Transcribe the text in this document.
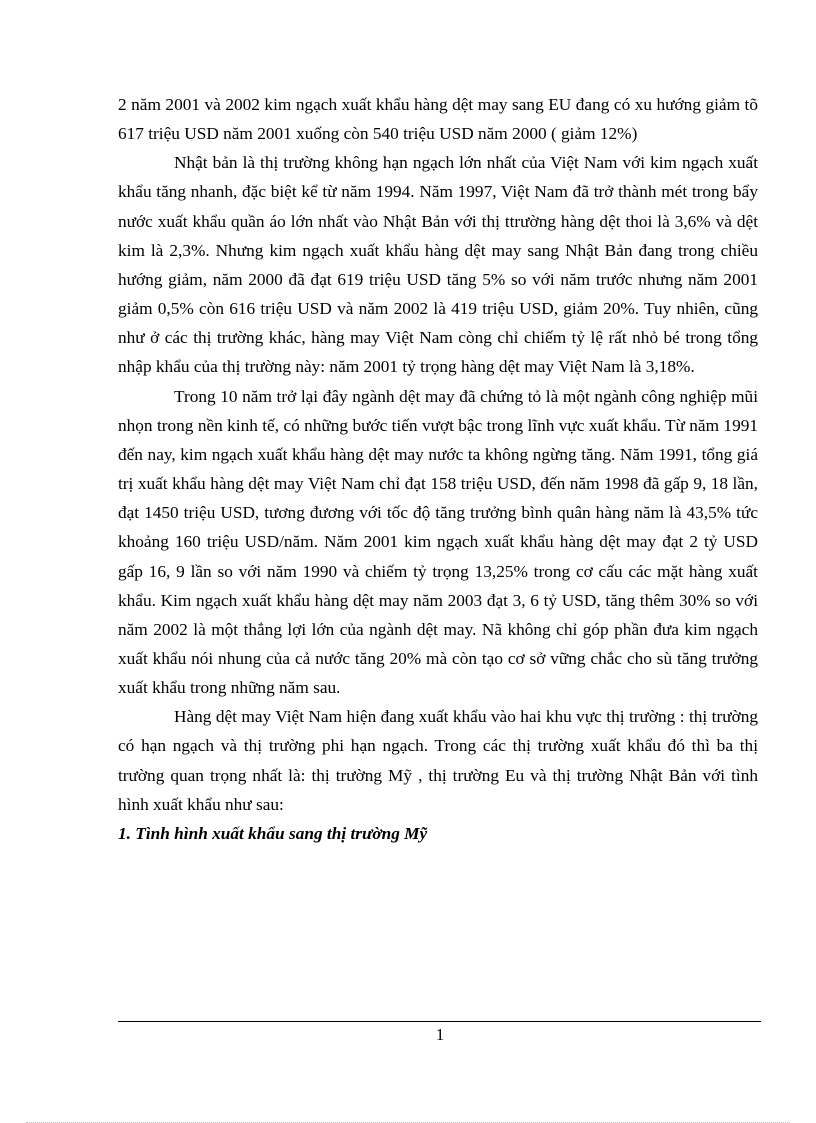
2 năm 2001 và 2002 kim ngạch xuất khẩu hàng dệt may sang EU đang có xu hướng giảm tõ 617 triệu USD năm 2001 xuống còn 540 triệu USD năm 2000 ( giảm 12%)

Nhật bản là thị trường không hạn ngạch lớn nhất của Việt Nam với kim ngạch xuất khẩu tăng nhanh, đặc biệt kể từ năm 1994. Năm 1997, Việt Nam đã trở thành mét trong bẩy nước xuất khẩu quần áo lớn nhất vào Nhật Bản với thị ttrường hàng dệt thoi là 3,6% và dệt kim là 2,3%. Nhưng kim ngạch xuất khẩu hàng dệt may sang Nhật Bản đang trong chiều hướng giảm, năm 2000 đã đạt 619 triệu USD tăng 5% so với năm trước nhưng năm 2001 giảm 0,5% còn 616 triệu USD và năm 2002 là 419 triệu USD, giảm 20%. Tuy nhiên, cũng như ở các thị trường khác, hàng may Việt Nam còng chỉ chiếm tỷ lệ rất nhỏ bé trong tổng nhập khẩu của thị trường này: năm 2001 tỷ trọng hàng dệt may Việt Nam là 3,18%.

Trong 10 năm trở lại đây ngành dệt may đã chứng tỏ là một ngành công nghiệp mũi nhọn trong nền kinh tế, có những bước tiến vượt bậc trong lĩnh vực xuất khẩu. Từ năm 1991 đến nay, kim ngạch xuất khẩu hàng dệt may nước ta không ngừng tăng. Năm 1991, tổng giá trị xuất khẩu hàng dệt may Việt Nam chỉ đạt 158 triệu USD, đến năm 1998 đã gấp 9, 18 lần, đạt 1450 triệu USD, tương đương với tốc độ tăng trưởng bình quân hàng năm là 43,5% tức khoảng 160 triệu USD/năm. Năm 2001 kim ngạch xuất khẩu hàng dệt may đạt 2 tỷ USD gấp 16, 9 lần so với năm 1990 và chiếm tỷ trọng 13,25% trong cơ cấu các mặt hàng xuất khẩu. Kim ngạch xuất khẩu hàng dệt may năm 2003 đạt 3, 6 tỷ USD, tăng thêm 30% so với năm 2002 là một thắng lợi lớn của ngành dệt may. Nã không chỉ góp phần đưa kim ngạch xuất khẩu nói nhung của cả nước tăng 20% mà còn tạo cơ sở vững chắc cho sù tăng trưởng xuất khẩu trong những năm sau.

Hàng dệt may Việt Nam hiện đang xuất khẩu vào hai khu vực thị trường : thị trường có hạn ngạch và thị trường phi hạn ngạch. Trong các thị trường xuất khẩu đó thì ba thị trường quan trọng nhất là: thị trường Mỹ , thị trường Eu và thị trường Nhật Bản với tình hình xuất khẩu như sau:

1. Tình hình xuất khẩu sang thị trường Mỹ

1
